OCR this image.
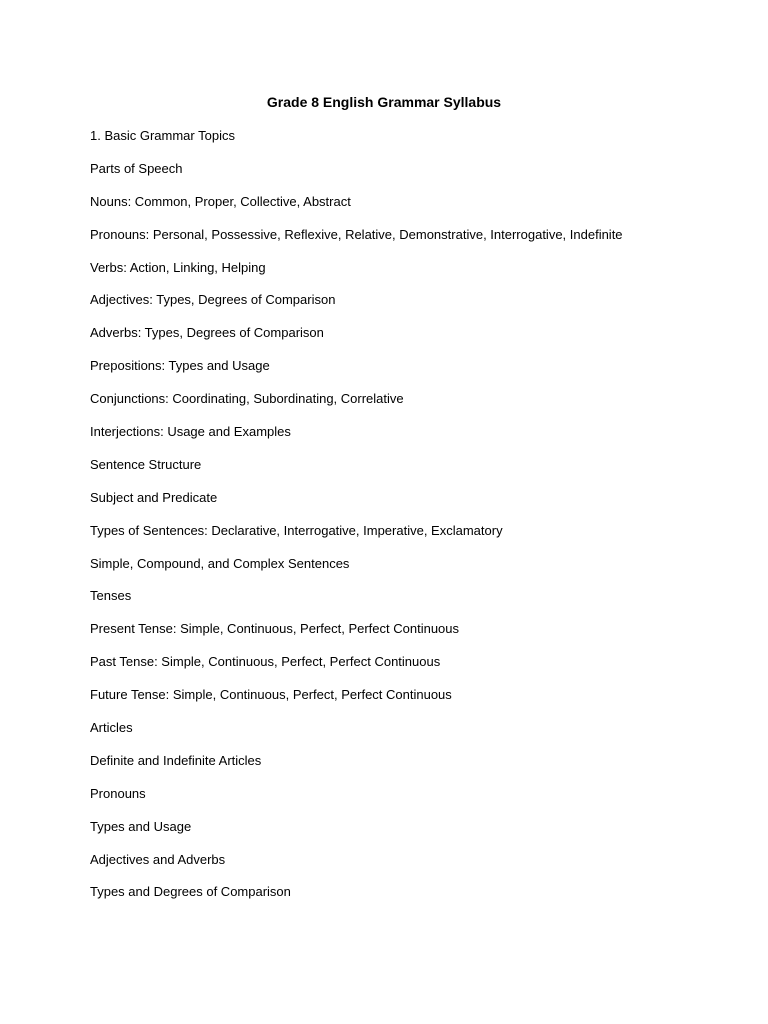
Grade 8 English Grammar Syllabus
1. Basic Grammar Topics
Parts of Speech
Nouns: Common, Proper, Collective, Abstract
Pronouns: Personal, Possessive, Reflexive, Relative, Demonstrative, Interrogative, Indefinite
Verbs: Action, Linking, Helping
Adjectives: Types, Degrees of Comparison
Adverbs: Types, Degrees of Comparison
Prepositions: Types and Usage
Conjunctions: Coordinating, Subordinating, Correlative
Interjections: Usage and Examples
Sentence Structure
Subject and Predicate
Types of Sentences: Declarative, Interrogative, Imperative, Exclamatory
Simple, Compound, and Complex Sentences
Tenses
Present Tense: Simple, Continuous, Perfect, Perfect Continuous
Past Tense: Simple, Continuous, Perfect, Perfect Continuous
Future Tense: Simple, Continuous, Perfect, Perfect Continuous
Articles
Definite and Indefinite Articles
Pronouns
Types and Usage
Adjectives and Adverbs
Types and Degrees of Comparison
